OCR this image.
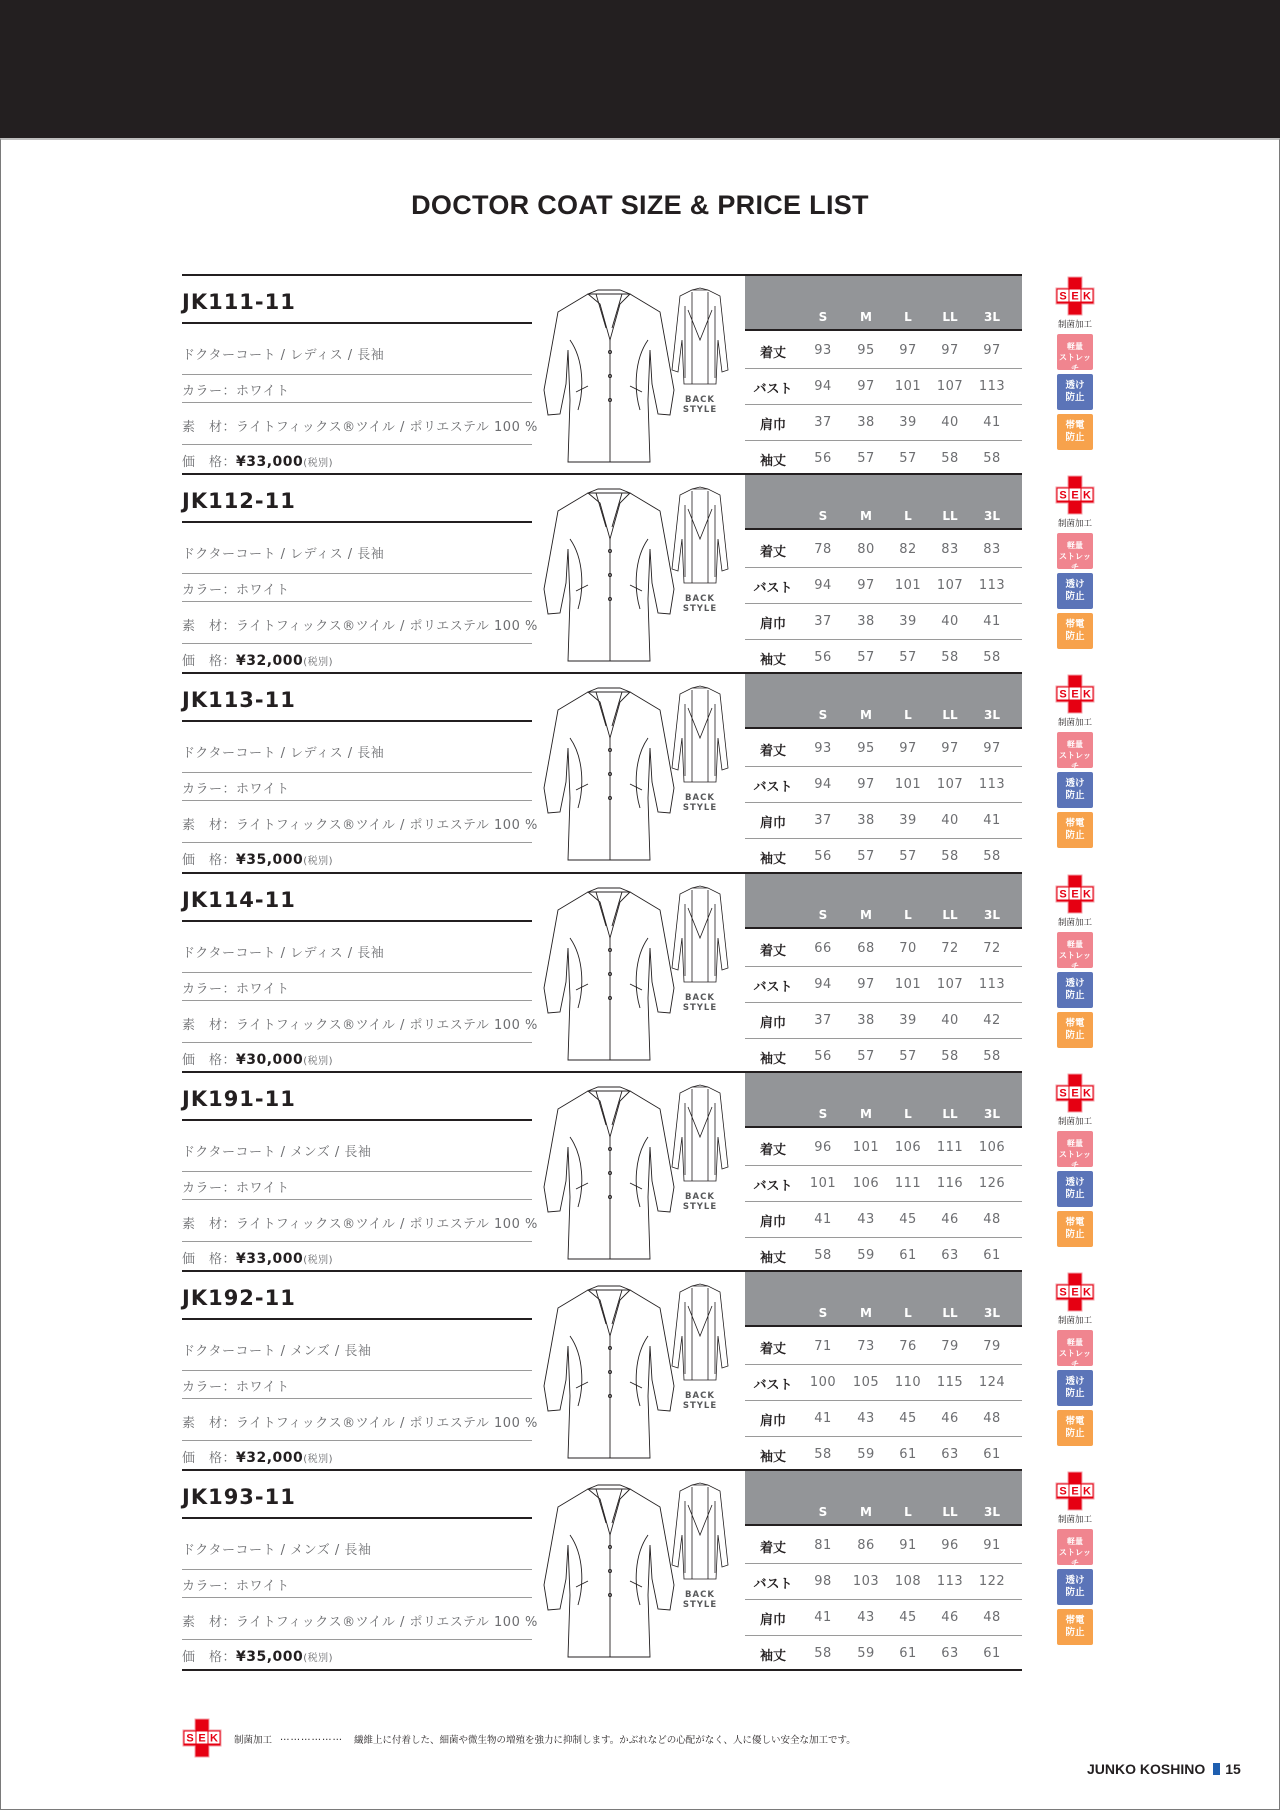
DOCTOR COAT SIZE & PRICE LIST
JK111-11
ドクターコート / レディス / 長袖
カラー：ホワイト
素　材：ライトフィックス®ツイル / ポリエステル 100 %
価　格：¥33,000(税別)
BACK
STYLE
S	M	L	LL	3L
着丈	93	95	97	97	97
バスト	94	97	101	107	113
肩巾	37	38	39	40	41
袖丈	56	57	57	58	58
S E K
制菌加工
軽量
ストレッチ
透け
防止
帯電
防止
JK112-11
ドクターコート / レディス / 長袖
カラー：ホワイト
素　材：ライトフィックス®ツイル / ポリエステル 100 %
価　格：¥32,000(税別)
BACK
STYLE
S	M	L	LL	3L
着丈	78	80	82	83	83
バスト	94	97	101	107	113
肩巾	37	38	39	40	41
袖丈	56	57	57	58	58
S E K
制菌加工
軽量
ストレッチ
透け
防止
帯電
防止
JK113-11
ドクターコート / レディス / 長袖
カラー：ホワイト
素　材：ライトフィックス®ツイル / ポリエステル 100 %
価　格：¥35,000(税別)
BACK
STYLE
S	M	L	LL	3L
着丈	93	95	97	97	97
バスト	94	97	101	107	113
肩巾	37	38	39	40	41
袖丈	56	57	57	58	58
S E K
制菌加工
軽量
ストレッチ
透け
防止
帯電
防止
JK114-11
ドクターコート / レディス / 長袖
カラー：ホワイト
素　材：ライトフィックス®ツイル / ポリエステル 100 %
価　格：¥30,000(税別)
BACK
STYLE
S	M	L	LL	3L
着丈	66	68	70	72	72
バスト	94	97	101	107	113
肩巾	37	38	39	40	42
袖丈	56	57	57	58	58
S E K
制菌加工
軽量
ストレッチ
透け
防止
帯電
防止
JK191-11
ドクターコート / メンズ / 長袖
カラー：ホワイト
素　材：ライトフィックス®ツイル / ポリエステル 100 %
価　格：¥33,000(税別)
BACK
STYLE
S	M	L	LL	3L
着丈	96	101	106	111	106
バスト	101	106	111	116	126
肩巾	41	43	45	46	48
袖丈	58	59	61	63	61
S E K
制菌加工
軽量
ストレッチ
透け
防止
帯電
防止
JK192-11
ドクターコート / メンズ / 長袖
カラー：ホワイト
素　材：ライトフィックス®ツイル / ポリエステル 100 %
価　格：¥32,000(税別)
BACK
STYLE
S	M	L	LL	3L
着丈	71	73	76	79	79
バスト	100	105	110	115	124
肩巾	41	43	45	46	48
袖丈	58	59	61	63	61
S E K
制菌加工
軽量
ストレッチ
透け
防止
帯電
防止
JK193-11
ドクターコート / メンズ / 長袖
カラー：ホワイト
素　材：ライトフィックス®ツイル / ポリエステル 100 %
価　格：¥35,000(税別)
BACK
STYLE
S	M	L	LL	3L
着丈	81	86	91	96	91
バスト	98	103	108	113	122
肩巾	41	43	45	46	48
袖丈	58	59	61	63	61
S E K
制菌加工
軽量
ストレッチ
透け
防止
帯電
防止
S E K 制菌加工 ……………… 繊維上に付着した、細菌や微生物の増殖を強力に抑制します。かぶれなどの心配がなく、人に優しい安全な加工です。
JUNKO KOSHINO 15
